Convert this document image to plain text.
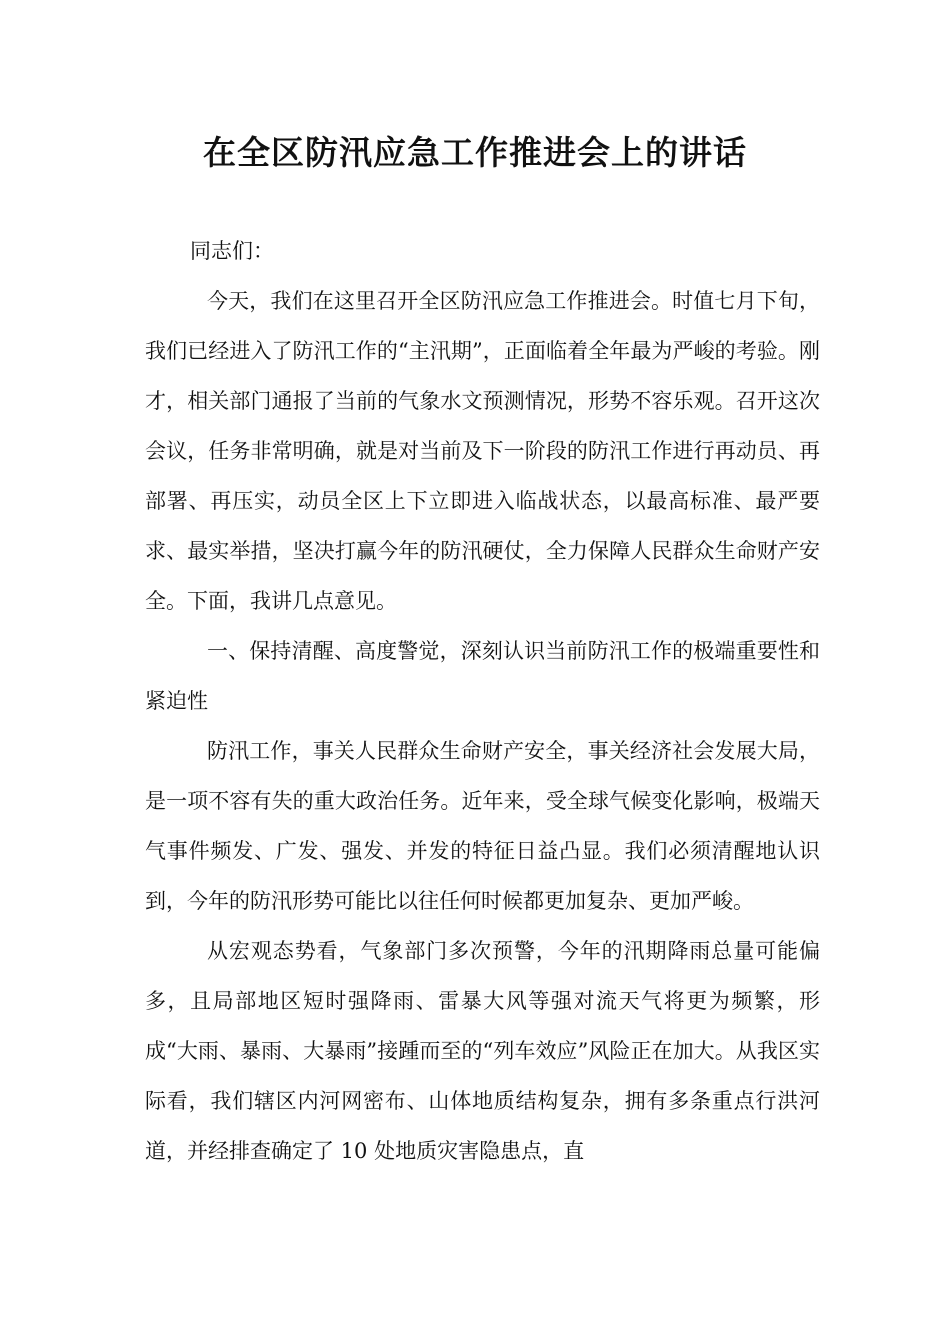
在全区防汛应急工作推进会上的讲话

同志们：

今天，我们在这里召开全区防汛应急工作推进会。时值七月下旬，我们已经进入了防汛工作的“主汛期”，正面临着全年最为严峻的考验。刚才，相关部门通报了当前的气象水文预测情况，形势不容乐观。召开这次会议，任务非常明确，就是对当前及下一阶段的防汛工作进行再动员、再部署、再压实，动员全区上下立即进入临战状态，以最高标准、最严要求、最实举措，坚决打赢今年的防汛硬仗，全力保障人民群众生命财产安全。下面，我讲几点意见。

一、保持清醒、高度警觉，深刻认识当前防汛工作的极端重要性和紧迫性

防汛工作，事关人民群众生命财产安全，事关经济社会发展大局，是一项不容有失的重大政治任务。近年来，受全球气候变化影响，极端天气事件频发、广发、强发、并发的特征日益凸显。我们必须清醒地认识到，今年的防汛形势可能比以往任何时候都更加复杂、更加严峻。

从宏观态势看，气象部门多次预警，今年的汛期降雨总量可能偏多，且局部地区短时强降雨、雷暴大风等强对流天气将更为频繁，形成“大雨、暴雨、大暴雨”接踵而至的“列车效应”风险正在加大。从我区实际看，我们辖区内河网密布、山体地质结构复杂，拥有多条重点行洪河道，并经排查确定了 10 处地质灾害隐患点，直
